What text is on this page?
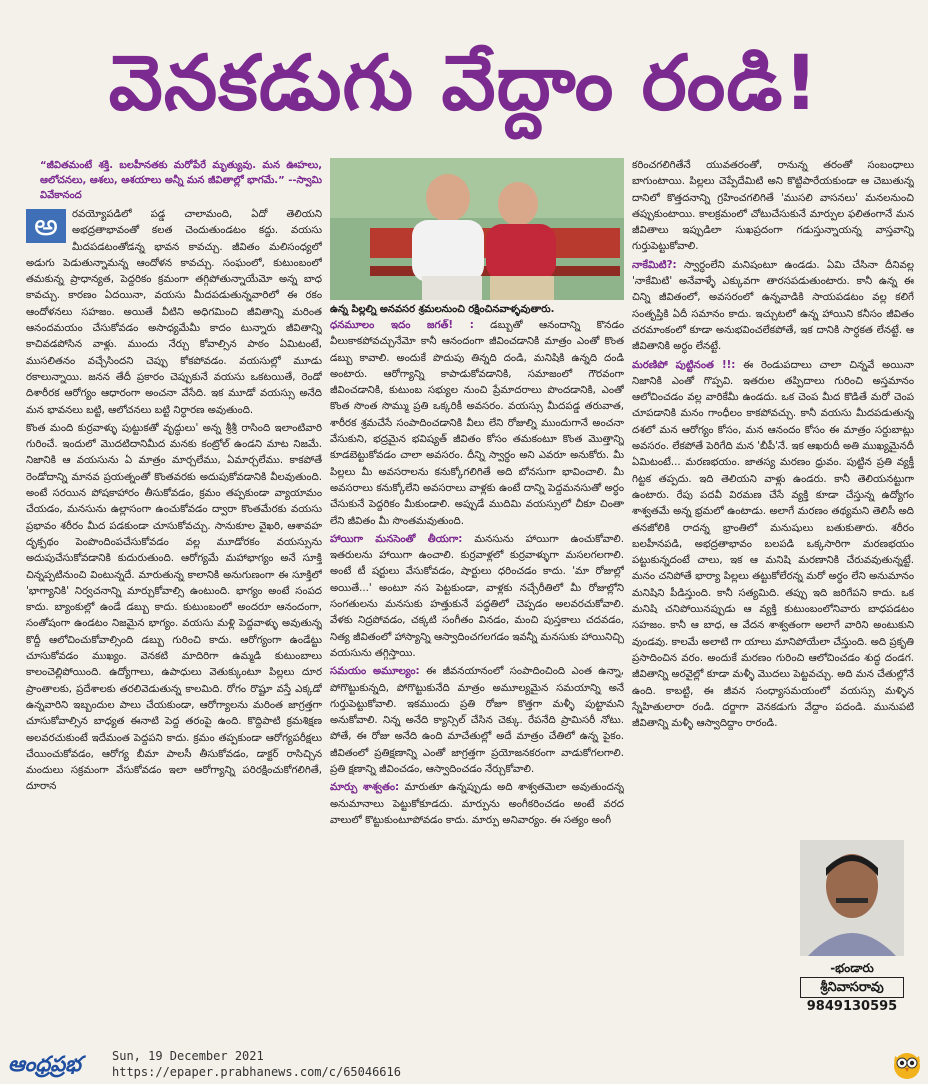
వెనకడుగు వేద్దాం రండి!
“జీవితమంటే శక్తి. బలహీనతకు మరోపేరే మృత్యువు. మన ఊహలు, ఆలోచనలు, ఆశలు, ఆశయాలు అన్నీ మన జీవితాల్లో భాగమే.” --స్వామి వివేకానంద
అ	రవయ్యోపడిలో పడ్డ చాలామంది, ఏదో తెలియని అభద్రతాభావంతో కలత చెందుతుండటం కద్దు. వయసు మీదపడటంతోడన్న భావన కావచ్చు. జీవితం మలిసంధ్యలో అడుగు పెడుతున్నామన్న ఆందోళన కావచ్చు. సంఘంలో, కుటుంబంలో తమకున్న ప్రాధాన్యత, పెద్దరికం క్రమంగా తగ్గిపోతున్నాయేమో అన్న బాధ కావచ్చు. కారణం ఏదయినా, వయసు మీదపడుతున్నవారిలో ఈ రకం ఆందోళనలు సహజం. అయితే వీటిని అధిగమించి జీవితాన్ని మరింత ఆనందమయం చేసుకోవడం అసాధ్యమేమీ కాదం టున్నారు జీవితాన్ని కాచివడపోసిన వాళ్లు. ముందు నేర్చు కోవాల్సిన పాఠం ఏమిటంటే, ముసలితనం వచ్చేసిందని చెప్పు కోకపోవడం. వయసుల్లో మూడు రకాలున్నాయి. జనన తేదీ ప్రకారం చెప్పుకునే వయసు ఒకటయితే, రెండో దిశారీరక ఆరోగ్యం ఆధారంగా అంచనా వేసేది. ఇక మూడో వయస్సు అనేది మన భావనలు బట్టి, ఆలోచనలు బట్టి నిర్ధారణ అవుతుంది.

కొంత మంది కుర్రవాళ్ళు పుట్టుకతో వృద్ధులు' అన్న శ్రీశ్రీ రాసింది ఇలాంటివారి గురించే. ఇందులో మొదటిదానిమీద మనకు కంట్రోల్ ఉండని మాట నిజమే. నిజానికి ఆ వయసును ఏ మాత్రం మార్చలేము, ఏమార్చలేము. కాకపోతే రెండోదాన్ని మానవ ప్రయత్నంతో కొంతవరకు అదుపుకోవడానికి వీలవుతుంది. అంటే సరయిన పోషకాహారం తీసుకోవడం, క్రమం తప్పకుండా వ్యాయామం చేయడం, మనసును ఉల్లాసంగా ఉంచుకోవడం ద్వారా కొంతమేరకు వయసు ప్రభావం శరీరం మీద పడకుండా చూసుకోవచ్చు. సానుకూల వైఖరి, ఆశావహ దృక్పథం పెంపొందింపచేసుకోవడం వల్ల మూడోరకం వయస్సును అదుపుచేసుకోవడానికి కుదురుతుంది. ఆరోగ్యమే మహాభాగ్యం అనే సూక్తి చిన్నప్పటినుంచి వింటున్నదే. మారుతున్న కాలానికి అనుగుణంగా ఈ సూక్తిలో 'భాగ్యానికి' నిర్వచనాన్ని మార్చుకోవాల్సి ఉంటుంది. భాగ్యం అంటే సంపద కాదు. బ్యాంకుల్లో ఉండే డబ్బు కాదు. కుటుంబంలో అందరూ ఆనందంగా, సంతోషంగా ఉండటం నిజమైన భాగ్యం. వయసు మళ్లి పెద్దవాళ్ళు అవుతున్న కొద్దీ ఆలోచించుకోవాల్సింది డబ్బు గురించి కాదు. ఆరోగ్యంగా ఉండేట్టు చూసుకోవడం ముఖ్యం. వెనకటి మాదిరిగా ఉమ్మడి కుటుంబాలు కాలంచెల్లిపోయింది. ఉద్యోగాలు, ఉపాధులు వెతుక్కుంటూ పిల్లలు దూర ప్రాంతాలకు, ప్రదేశాలకు తరలివెడుతున్న కాలమిది. రోగం రొష్టూ వస్తే ఎక్కడో ఉన్నవారిని ఇబ్బందుల పాలు చేయకుండా, ఆరోగ్యాలను మరింత జాగ్రత్తగా చూసుకోవాల్సిన బాధ్యత ఈనాటి పెద్ద తరంపై ఉంది. కొద్దిపాటి క్రమశిక్షణ అలవరచుకుంటే ఇదేమంత పెద్దపని కాదు. క్రమం తప్పకుండా ఆరోగ్యపరీక్షలు చేయించుకోవడం, ఆరోగ్య బీమా పాలసీ తీసుకోవడం, డాక్టర్ రాసిచ్చిన మందులు సక్రమంగా వేసుకోవడం ఇలా ఆరోగ్యాన్ని పరిరక్షించుకోగలిగితే, దూరాన

ఉన్న పిల్లల్ని అనవసర శ్రమలనుంచి రక్షించినవాళ్ళవుతారు.

ధనమూలం ఇదం జగత్! : డబ్బుతో ఆనందాన్ని కొనడం వీలుకాకపోవచ్చునేమో కానీ ఆనందంగా జీవించడానికి మాత్రం ఎంతో కొంత డబ్బు కావాలి. అందుకే పొదుపు తిన్నది దండి, మనిషికి ఉన్నది దండి అంటారు. ఆరోగ్యాన్ని కాపాడుకోవడానికి, సమాజంలో గౌరవంగా జీవించడానికి, కుటుంబ సభ్యుల నుంచి ప్రేమాదరాలు పొందడానికి, ఎంతో కొంత సొంత సొమ్ము ప్రతి ఒక్కరికీ అవసరం. వయస్సు మీదపడ్డ తరువాత, శారీరక శ్రమచేసే సంపాదించడానికి వీలు లేని రోజుల్ని ముందుగానే అంచనా వేసుకుని, భద్రమైన భవిష్యత్ జీవితం కోసం తమకంటూ కొంత మొత్తాన్ని కూడబెట్టుకోవడం చాలా అవసరం. దీన్ని స్వార్ధం అని ఎవరూ అనుకోరు. మీ పిల్లలు మీ అవసరాలను కనుక్కోగలిగితే అది బోనసుగా భావించాలి. మీ అవసరాలు కనుక్కోలేని అవసరాలు వాళ్లకు ఉంటే దాన్ని పెద్దమనసుతో అర్ధం చేసుకునే పెద్దరికం మీకుండాలి. అప్పుడే ముదిమి వయస్సులో చీకూ చింతా లేని జీవితం మీ సొంతమవుతుంది.

హాయిగా మనసెంతో తీయగా: మనసును హాయిగా ఉంచుకోవాలి. ఇతరులను హాయిగా ఉంచాలి. కుర్రవాళ్లలో కుర్రవాళ్ళుగా మసలగలగాలి. అంటే టీ షర్టులు వేసుకోవడం, షార్టులు ధరించడం కాదు. 'మా రోజుల్లో అయితే...' అంటూ నస పెట్టకుండా, వాళ్లకు నచ్చేరీతిలో మీ రోజుల్లోని సంగతులను మనసుకు హత్తుకునే పద్ధతిలో చెప్పడం అలవరచుకోవాలి. వేళకు నిద్రపోవడం, చక్కటి సంగీతం వినడం, మంచి పుస్తకాలు చదవడం, నిత్య జీవితంలో హాస్యాన్ని ఆస్వాదించగలగడం ఇవన్నీ మనసుకు హాయినిచ్చి వయసును తగ్గిస్తాయి.

సమయం అమూల్యం: ఈ జీవనయానంలో సంపాదించింది ఎంత ఉన్నా, పోగొట్టుకున్నది, పోగొట్టుకునేది మాత్రం అమూల్యమైన సమయాన్ని అనే గుర్తుపెట్టుకోవాలి. ఇకముందు ప్రతి రోజూ కొత్తగా మళ్ళీ పుట్టామని అనుకోవాలి. నిన్న అనేది క్యాన్సిల్ చేసిన చెక్కు. రేపనేది ప్రామిసరీ నోటు. పోతే, ఈ రోజు అనేది ఉంది మాచేతుల్లో అదే మాత్రం చేతిలో ఉన్న పైకం. జీవితంలో ప్రతిక్షణాన్ని ఎంతో జాగ్రత్తగా ప్రయోజనకరంగా వాడుకోగలగాలి. ప్రతి క్షణాన్ని జీవించడం, ఆస్వాదించడం నేర్చుకోవాలి.

మార్పు శాశ్వతం: మారుతూ ఉన్నప్పుడు అది శాశ్వతమెలా అవుతుందన్న అనుమానాలు పెట్టుకోకూడదు. మార్పును అంగీకరించడం అంటే వరద వాలులో కొట్టుకుంటూపోవడం కాదు. మార్పు అనివార్యం. ఈ సత్యం అంగీ

కరించగలిగితేనే యువతరంతో, రానున్న తరంతో సంబంధాలు బాగుంటాయి. పిల్లలు చెప్పేదేమిటి అని కొట్టిపారేయకుండా ఆ చెబుతున్న దానిలో కొత్తదనాన్ని గ్రహించగలిగితే 'ముసలి వాసనలు' మనలనుంచి తప్పుకుంటాయి. కాలక్రమంలో చోటుచేసుకునే మార్పుల ఫలితంగానే మన జీవితాలు ఇప్పుడిలా సుఖప్రదంగా గడుస్తున్నాయన్న వాస్తవాన్ని గుర్తుపెట్టుకోవాలి.

నాకేమిటి?: స్వార్ధంలేని మనిషంటూ ఉండడు. ఏమి చేసినా దీనివల్ల 'నాకేమిటి' అనేవాళ్ళే ఎక్కువగా తారసపడుతుంటారు. కానీ ఉన్న ఈ చిన్ని జీవితంలో, అవసరంలో ఉన్నవాడికి సాయపడటం వల్ల కలిగే సంతృప్తికి ఏదీ సమానం కాదు. ఇచ్చుటలో ఉన్న హాయిని కనీసం జీవితం చరమాంకంలో కూడా అనుభవించలేకపోతే, ఇక దానికి సార్ధకత లేనట్టే. ఆ జీవితానికి అర్ధం లేనట్టే.

మరణిపో పుట్టినంత !!: ఈ రెండుపదాలు చాలా చిన్నవే అయినా నిజానికి ఎంతో గొప్పవి. ఇతరుల తప్పిదాలు గురించి అస్తమానం ఆలోచించడం వల్ల వారికేమీ ఉండదు. ఒక చెంప మీద కొడితే మరో చెంప చూపడానికి మనం గాంధీలం కాకపోవచ్చు. కానీ వయసు మీదపడుతున్న దశలో మన ఆరోగ్యం కోసం, మన ఆనందం కోసం ఈ మాత్రం సర్దుబాట్లు అవసరం. లేకపోతే పెరిగేది మన 'బీపీ'నే. ఇక ఆఖరుదీ అతి ముఖ్యమైనదీ ఏమిటంటే... మరణభయం. జాతస్య మరణం ధ్రువం. పుట్టిన ప్రతి వ్యక్తీ గిట్టక తప్పదు. ఇది తెలియని వాళ్లు ఉండరు. కానీ తెలియనట్టుగా ఉంటారు. రేపు పదవీ విరమణ చేసే వ్యక్తి కూడా చేస్తున్న ఉద్యోగం శాశ్వతమే అన్న భ్రమలో ఉంటాడు. అలాగే మరణం తథ్యమని తెలిసీ అది తనజోలికి రాదన్న భ్రాంతిలో మనుషులు బతుకుతారు. శరీరం బలహీనపడి, అభద్రతాభావం బలపడి ఒక్కసారిగా మరణభయం పట్టుకున్నదంటే చాలు, ఇక ఆ మనిషి మరణానికి చేరువవుతున్నట్టే. మనం చనిపోతే భార్యా పిల్లలు తట్టుకోలేరన్న మరో అర్ధం లేని అనుమానం మనిషిని పీడిస్తుంది. కానీ సత్యమిది. తప్పు ఇది జరిగేపని కాదు. ఒక మనిషి చనిపోయినప్పుడు ఆ వ్యక్తి కుటుంబంలోనివారు బాధపడటం సహజం. కానీ ఆ బాధ, ఆ వేదన శాశ్వతంగా అలాగే వారిని అంటుకుని వుండవు. కాలమే అలాటి గా యాలు మానిపోయేలా చేస్తుంది. అది ప్రకృతి ప్రసాదించిన వరం. అందుకే మరణం గురించి ఆలోచించడం శుద్ధ దండగ. జీవితాన్ని అరవైల్లో కూడా మళ్ళీ మొదలు పెట్టవచ్చు. అది మన చేతుల్లోనే ఉంది. కాబట్టి, ఈ జీవన సంధ్యాసమయంలో వయస్సు మళ్ళిన స్నేహితులారా రండి. దర్జాగా వెనకడుగు వేద్దాం పదండి. మునుపటి జీవితాన్ని మళ్ళీ ఆస్వాదిద్దాం రారండి.

-భండారు
శ్రీనివాసరావు
9849130595
ఆంధ్రప్రభ	Sun, 19 December 2021
https://epaper.prabhanews.com/c/65046616
